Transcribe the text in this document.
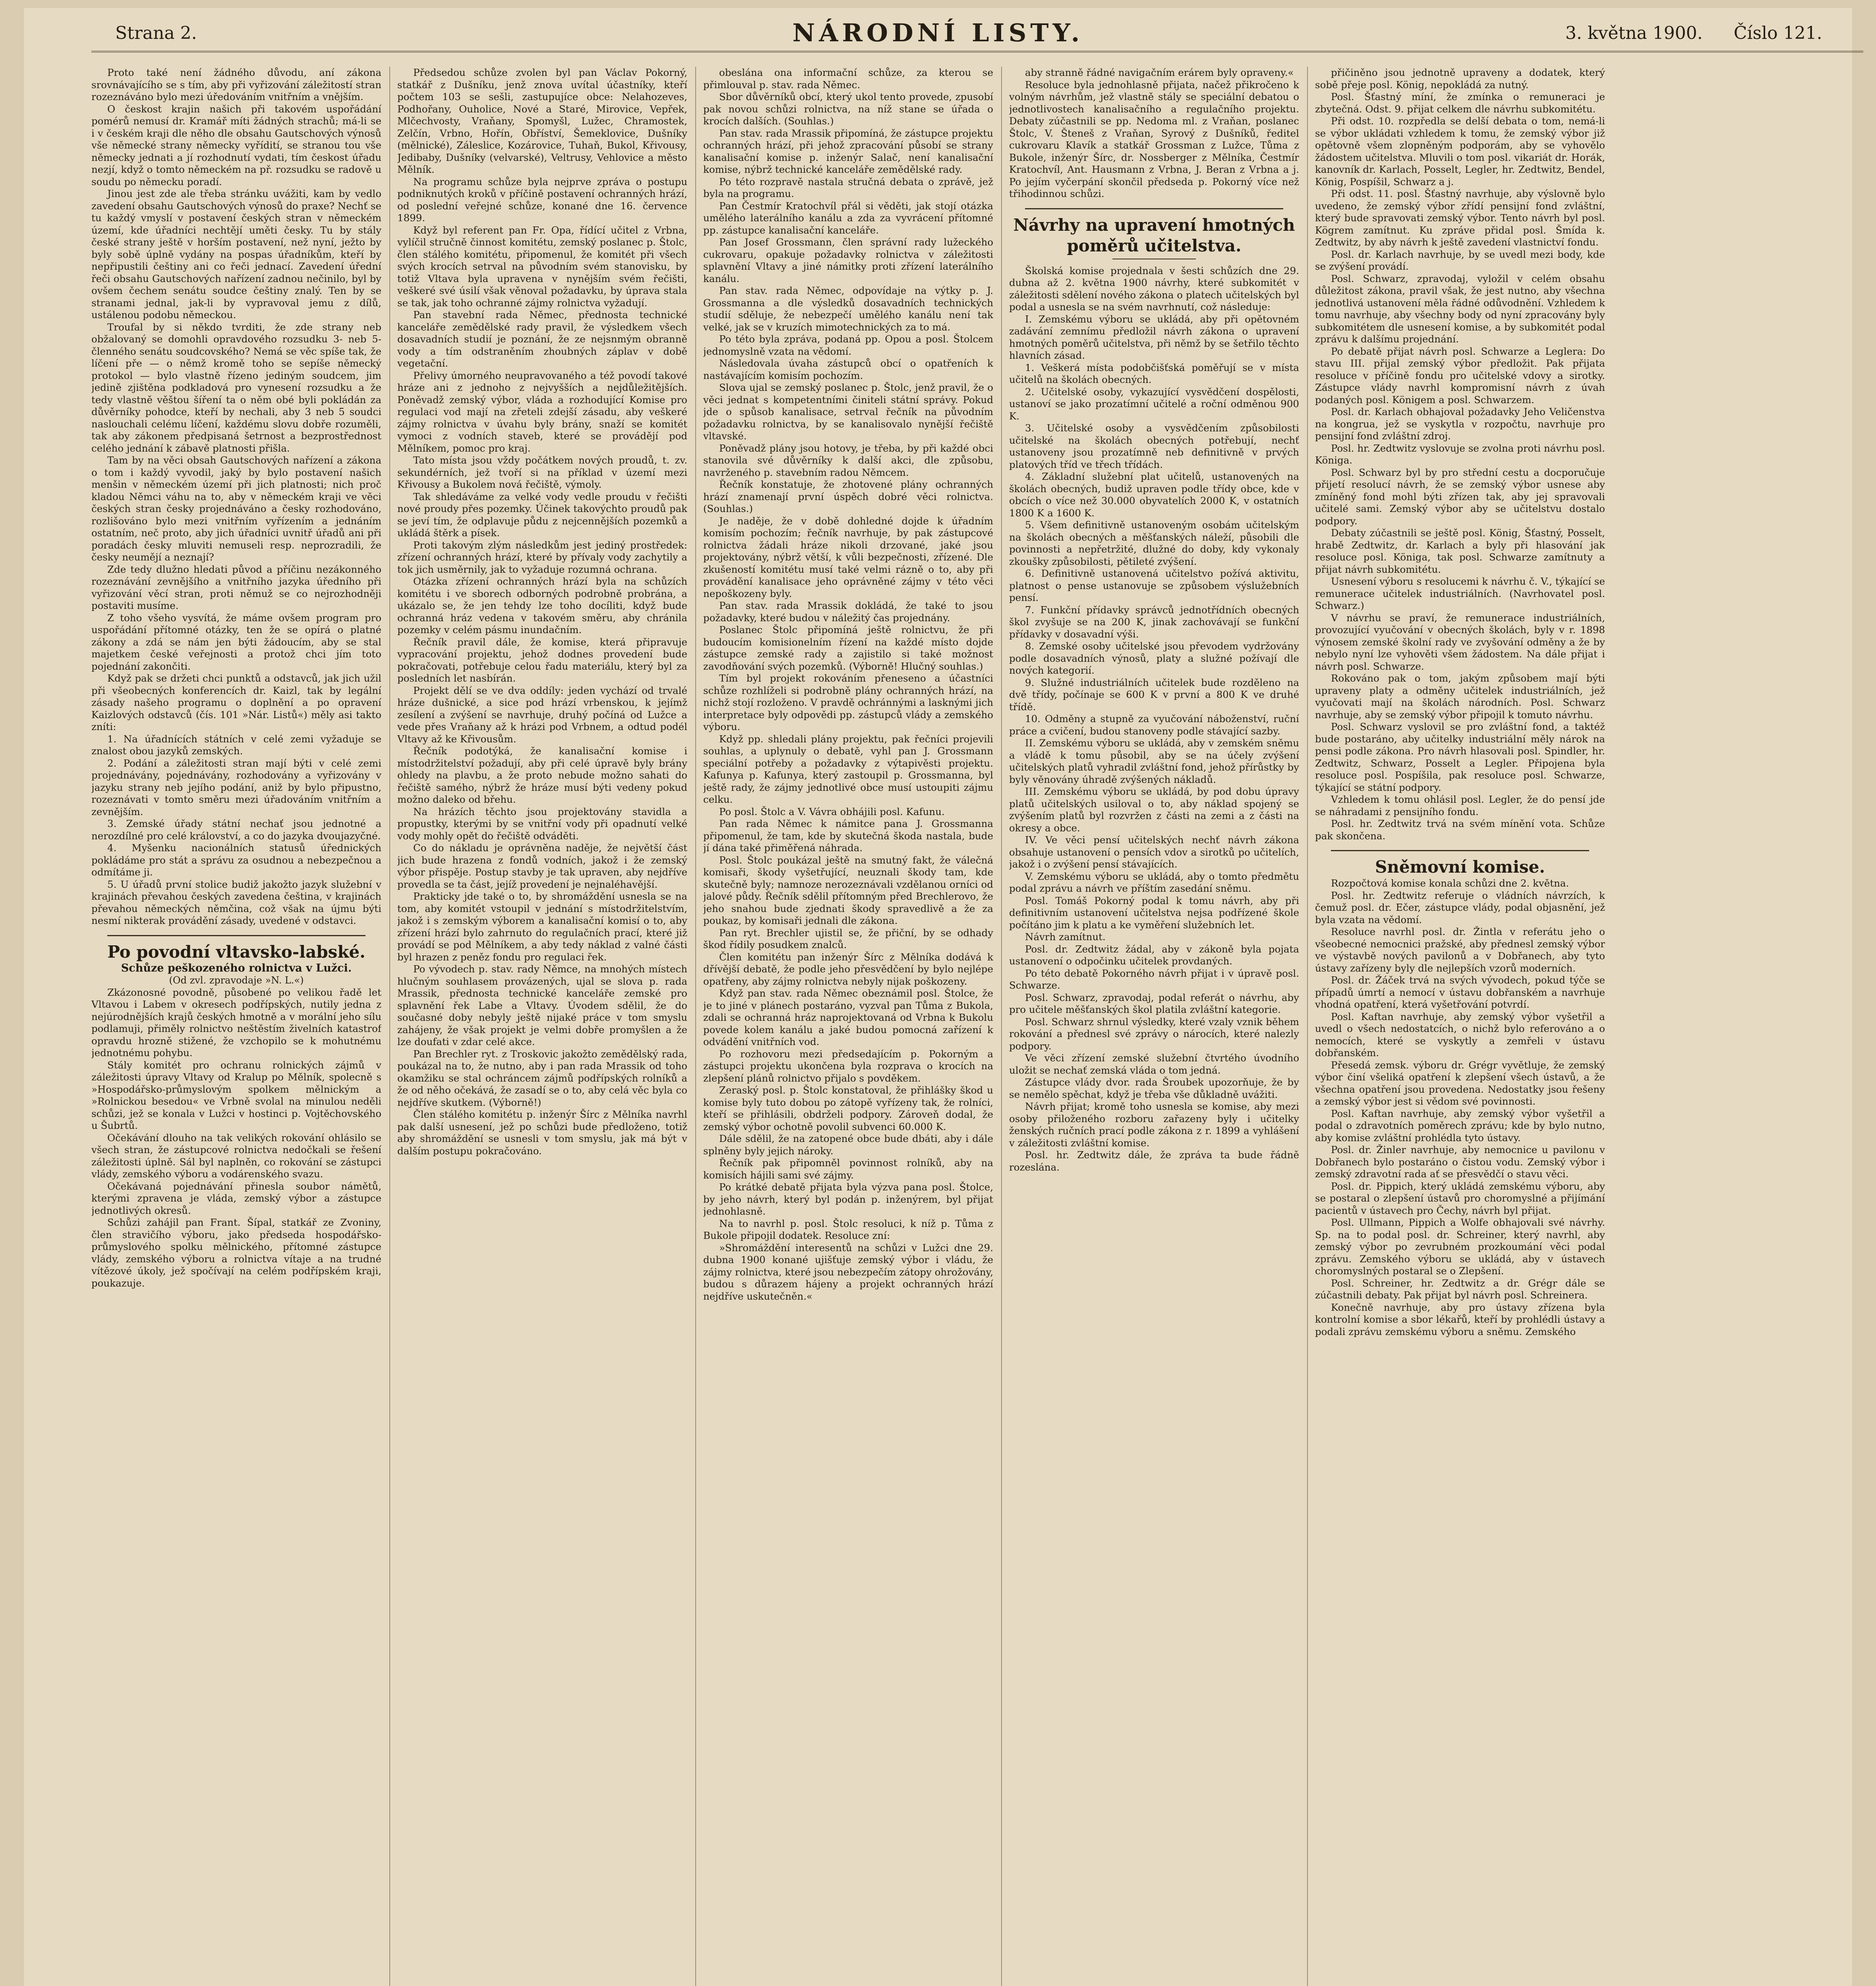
Strana 2.	NÁRODNÍ LISTY.	3. května 1900. Číslo 121.

Proto také není žádného důvodu, aní zákona srovnávajícího se s tím, aby při vyřizování záležitostí stran rozeznáváno bylo mezi úředováním vnitřním a vnějším.

O českost krajin našich při takovém uspořádání pomérů nemusí dr. Kramář míti žádných strachů; má-li se i v českém kraji dle něho dle obsahu Gautschových výnosů vše německé strany německy vyřídití, se stranou tou vše německy jednati a jí rozhodnutí vydati, tím českost úřadu nezjí, když o tomto německém na př. rozsudku se radově u soudu po německu poradí.

Jinou jest zde ale třeba stránku uvážiti, kam by vedlo zavedení obsahu Gautschových výnosů do praxe? Nechť se tu každý vmyslí v postavení českých stran v německém území, kde úřadníci nechtějí uměti česky. Tu by stály české strany ještě v horším postavení, než nyní, ježto by byly sobě úplně vydány na pospas úřadníkům, kteří by nepřipustili češtiny ani co řeči jednací. Zavedení úřední řeči obsahu Gautschových nařízení zadnou nečinilo, byl by ovšem čechem senátu soudce češtiny znalý. Ten by se stranami jednal, jak-li by vypravoval jemu z dílů, ustálenou podobu německou.

Troufal by si někdo tvrditi, že zde strany neb obžalovaný se domohli opravdového rozsudku 3- neb 5-členného senátu soudcovského? Nemá se věc spíše tak, že líčení pře — o němž kromě toho se sepíše německý protokol — bylo vlastně řízeno jediným soudcem, jim jedině zjištěna podkladová pro vynesení rozsudku a že tedy vlastně věštou šíření ta o něm obé byli pokládán za důvěrníky pohodce, kteří by nechali, aby 3 neb 5 soudci naslouchali celému líčení, každému slovu dobře rozuměli, tak aby zákonem předpisaná šetrnost a bezprostřednost celého jednání k zábavě platnosti přišla.

Tam by na věci obsah Gautschových nařízení a zákona o tom i každý vyvodil, jaký by bylo postavení našich menšin v německém území při jich platnosti; nich proč kladou Němci váhu na to, aby v německém kraji ve věci českých stran česky projednáváno a česky rozhodováno, rozlišováno bylo mezi vnitřním vyřízením a jednáním ostatním, neč proto, aby jich úřadníci uvnitř úřadů ani při poradách česky mluviti nemuseli resp. neprozradili, že česky neumějí a neznají?

Zde tedy dlužno hledati původ a příčinu nezákonného rozeznávání zevnějšího a vnitřního jazyka úředního při vyřizování věcí stran, proti němuž se co nejrozhodněji postaviti musíme.

Z toho všeho vysvítá, že máme ovšem program pro uspořádání přítomné otázky, ten že se opírá o platné zákony a zdá se nám jen býti žádoucím, aby se stal majetkem české veřejnosti a protož chci jím toto pojednání zakončiti.

Když pak se držeti chci punktů a odstavců, jak jich užil při všeobecných konferencích dr. Kaizl, tak by legální zásady našeho programu o doplnění a po opravení Kaizlových odstavců (čís. 101 »Nár. Listů«) měly asi takto zníti:

1. Na úřadnících státních v celé zemi vyžaduje se znalost obou jazyků zemských.

2. Podání a záležitosti stran mají býti v celé zemi projednávány, pojednávány, rozhodovány a vyřizovány v jazyku strany neb jejího podání, aniž by bylo připustno, rozeznávati v tomto směru mezi úřadováním vnitřním a zevnějším.

3. Zemské úřady státní nechať jsou jednotné a nerozdílné pro celé království, a co do jazyka dvoujazyčné.

4. Myšenku nacionálních statusů úřednických pokládáme pro stát a správu za osudnou a nebezpečnou a odmítáme ji.

5. U úřadů první stolice budiž jakožto jazyk služební v krajinách převahou českých zavedena čeština, v krajinách převahou německých němčina, což však na újmu býti nesmí nikterak provádění zásady, uvedené v odstavci.

Po povodní vltavsko-labské.

Schůze peškozeného rolnictva v Lužci.

(Od zvl. zpravodaje »N. L.«)

Zkázonosné povodně, působené po velikou řadě let Vltavou i Labem v okresech podřípských, nutily jedna z nejúrodnějších krajů českých hmotně a v morální jeho sílu podlamuji, přiměly rolnictvo neštěstím živelních katastrof opravdu hrozně stižené, že vzchopilo se k mohutnému jednotnému pohybu.

Stály komitét pro ochranu rolnických zájmů v záležitosti úpravy Vltavy od Kralup po Mělník, spolecně s »Hospodářsko-průmyslovým spolkem mělnickým a »Rolnickou besedou« ve Vrbně svolal na minulou neděli schůzi, jež se konala v Lužci v hostinci p. Vojtěchovského u Šubrtů.

Očekávání dlouho na tak velikých rokování ohlásilo se všech stran, že zástupcové rolnictva nedočkali se řešení záležitosti úplně. Sál byl naplněn, co rokování se zástupci vlády, zemského výboru a vodárenského svazu.

Očekávaná pojednávání přinesla soubor námětů, kterými zpravena je vláda, zemský výbor a zástupce jednotlivých okresů.

Schůzi zahájil pan Frant. Šípal, statkář ze Zvoniny, člen stravičího výboru, jako předseda hospodářsko-průmyslového spolku mělnického, přítomné zástupce vlády, zemského výboru a rolnictva vítaje a na trudné vítězové úkoly, jež spočívají na celém podřípském kraji, poukazuje.

Předsedou schůze zvolen byl pan Václav Pokorný, statkář z Dušníku, jenž znova uvítal účastníky, kteří počtem 103 se sešli, zastupujíce obce: Nelahozeves, Podhořany, Ouholice, Nové a Staré, Mirovice, Vepřek, Mlčechvosty, Vraňany, Spomyšl, Lužec, Chramostek, Zelčín, Vrbno, Hořín, Obříství, Šemeklovice, Dušníky (mělnické), Záleslice, Kozárovice, Tuhaň, Bukol, Křivousy, Jedibaby, Dušníky (velvarské), Veltrusy, Vehlovice a město Mělník.

Na programu schůze byla nejprve zpráva o postupu podniknutých kroků v příčině postavení ochranných hrází, od poslední veřejné schůze, konané dne 16. července 1899.

Když byl referent pan Fr. Opa, řídící učitel z Vrbna, vylíčil stručně činnost komitétu, zemský poslanec p. Štolc, člen stálého komitétu, připomenul, že komitét při všech svých krocích setrval na původním svém stanovisku, by totiž Vltava byla upravena v nynějším svém řečišti, veškeré své úsilí však věnoval požadavku, by úprava stala se tak, jak toho ochranné zájmy rolnictva vyžadují.

Pan stavební rada Němec, přednosta technické kanceláře zemědělské rady pravil, že výsledkem všech dosavadních studií je poznání, že ze nejsnmým obranně vody a tím odstraněním zhoubných záplav v době vegetační.

Přelivy úmorného neupravovaného a též povodí takové hráze ani z jednoho z nejvyšších a nejdůležitějších. Poněvadž zemský výbor, vláda a rozhodující Komise pro regulaci vod mají na zřeteli zdejší zásadu, aby veškeré zájmy rolnictva v úvahu byly brány, snaží se komitét vymoci z vodních staveb, které se provádějí pod Mělníkem, pomoc pro kraj.

Tato místa jsou vždy počátkem nových proudů, t. zv. sekundérních, jež tvoří si na příklad v území mezi Křivousy a Bukolem nová řečiště, výmoly.

Tak shledáváme za velké vody vedle proudu v řečišti nové proudy přes pozemky. Účinek takovýchto proudů pak se jeví tím, že odplavuje půdu z nejcennějších pozemků a ukládá štěrk a písek.

Proti takovým zlým následkům jest jediný prostředek: zřízení ochranných hrází, které by přívaly vody zachytily a tok jich usměrnily, jak to vyžaduje rozumná ochrana.

Otázka zřízení ochranných hrází byla na schůzích komitétu i ve sborech odborných podrobně probrána, a ukázalo se, že jen tehdy lze toho docíliti, když bude ochranná hráz vedena v takovém směru, aby chránila pozemky v celém pásmu inundačním.

Řečník pravil dále, že komise, která připravuje vypracování projektu, jehož dodnes provedení bude pokračovati, potřebuje celou řadu materiálu, který byl za posledních let nasbírán.

Projekt dělí se ve dva oddíly: jeden vychází od trvalé hráze dušnické, a sice pod hrází vrbenskou, k jejímž zesílení a zvýšení se navrhuje, druhý počíná od Lužce a vede přes Vraňany až k hrázi pod Vrbnem, a odtud podél Vltavy až ke Křivousům.

Řečník podotýká, že kanalisační komise i místodržitelství požadují, aby při celé úpravě byly brány ohledy na plavbu, a že proto nebude možno sahati do řečiště samého, nýbrž že hráze musí býti vedeny pokud možno daleko od břehu.

Na hrázích těchto jsou projektovány stavidla a propustky, kterými by se vnitřní vody při opadnutí velké vody mohly opět do řečiště odváděti.

Co do nákladu je oprávněna naděje, že největší část jich bude hrazena z fondů vodních, jakož i že zemský výbor přispěje. Postup stavby je tak upraven, aby nejdříve provedla se ta část, jejíž provedení je nejnaléhavější.

Prakticky jde také o to, by shromáždění usnesla se na tom, aby komitét vstoupil v jednání s místodržitelstvím, jakož i s zemským výborem a kanalisační komisí o to, aby zřízení hrází bylo zahrnuto do regulačních prací, které již provádí se pod Mělníkem, a aby tedy náklad z valné části byl hrazen z peněz fondu pro regulaci řek.

Po vývodech p. stav. rady Němce, na mnohých místech hlučným souhlasem provázených, ujal se slova p. rada Mrassik, přednosta technické kanceláře zemské pro splavnění řek Labe a Vltavy. Úvodem sdělil, že do současné doby nebyly ještě nijaké práce v tom smyslu zahájeny, že však projekt je velmi dobře promyšlen a že lze doufati v zdar celé akce.

Pan Brechler ryt. z Troskovic jakožto zemědělský rada, poukázal na to, že nutno, aby i pan rada Mrassik od toho okamžiku se stal ochráncem zájmů podřípských rolníků a že od něho očekává, že zasadí se o to, aby celá věc byla co nejdříve skutkem. (Výborně!)

Člen stálého komitétu p. inženýr Šírc z Mělníka navrhl pak další usnesení, jež po schůzi bude předloženo, totiž aby shromáždění se usnesli v tom smyslu, jak má být v dalším postupu pokračováno.

obeslána ona informační schůze, za kterou se přimlouval p. stav. rada Němec.

Sbor důvěrníků obcí, který ukol tento provede, zpusobí pak novou schůzi rolnictva, na níž stane se úřada o krocích dalších. (Souhlas.)

Pan stav. rada Mrassik připomíná, že zástupce projektu ochranných hrází, při jehož zpracování působí se strany kanalisační komise p. inženýr Salač, není kanalisační komise, nýbrž technické kanceláře zemědělské rady.

Po této rozpravě nastala stručná debata o zprávě, jež byla na programu.

Pan Čestmír Kratochvíl přál si věděti, jak stojí otázka umělého laterálního kanálu a zda za vyvrácení přítomné pp. zástupce kanalisační kanceláře.

Pan Josef Grossmann, člen správní rady lužeckého cukrovaru, opakuje požadavky rolnictva v záležitosti splavnění Vltavy a jiné námitky proti zřízení laterálního kanálu.

Pan stav. rada Němec, odpovídaje na výtky p. J. Grossmanna a dle výsledků dosavadních technických studií sděluje, že nebezpečí umělého kanálu není tak velké, jak se v kruzích mimotechnických za to má.

Po této byla zpráva, podaná pp. Opou a posl. Štolcem jednomyslně vzata na vědomí.

Následovala úvaha zástupců obcí o opatřeních k nastávajícím komisím pochozím.

Slova ujal se zemský poslanec p. Štolc, jenž pravil, že o věci jednat s kompetentními činiteli státní správy. Pokud jde o spůsob kanalisace, setrval řečník na původním požadavku rolnictva, by se kanalisovalo nynější řečiště vltavské.

Poněvadž plány jsou hotovy, je třeba, by při každé obci stanovila své důvěrníky k další akci, dle způsobu, navrženého p. stavebním radou Němcem.

Řečník konstatuje, že zhotovené plány ochranných hrází znamenají první úspěch dobré věci rolnictva. (Souhlas.)

Je naděje, že v době dohledné dojde k úřadním komisím pochozím; řečník navrhuje, by pak zástupcové rolnictva žádali hráze nikoli drzované, jaké jsou projektovány, nýbrž větší, k vůli bezpečnosti, zřízené. Dle zkušeností komitétu musí také velmi rázně o to, aby při provádění kanalisace jeho oprávněné zájmy v této věci nepoškozeny byly.

Pan stav. rada Mrassik dokládá, že také to jsou požadavky, které budou v náležitý čas projednány.

Poslanec Štolc připomíná ještě rolnictvu, že při budoucím komisionelním řízení na každé místo dojde zástupce zemské rady a zajistilo si také možnost zavodňování svých pozemků. (Výborně! Hlučný souhlas.)

Tím byl projekt rokováním přeneseno a účastníci schůze rozhlíželi si podrobně plány ochranných hrází, na nichž stojí rozloženo. V pravdě ochránnými a lasknými jich interpretace byly odpovědi pp. zástupců vlády a zemského výboru.

Když pp. shledali plány projektu, pak řečníci projevili souhlas, a uplynuly o debatě, vyhl pan J. Grossmann speciální potřeby a požadavky z výtapivěsti projektu. Kafunya p. Kafunya, který zastoupil p. Grossmanna, byl ještě rady, že zájmy jednotlivé obce musí ustoupiti zájmu celku.

Po posl. Štolc a V. Vávra obhájili posl. Kafunu.

Pan rada Němec k námitce pana J. Grossmanna připomenul, že tam, kde by skutečná škoda nastala, bude jí dána také přiměřená náhrada.

Posl. Štolc poukázal ještě na smutný fakt, že válečná komisaři, škody vyšetřující, neuznali škody tam, kde skutečně byly; namnoze nerozeznávali vzdělanou orníci od jalové půdy. Řečník sdělil přítomným před Brechlerovo, že jeho snahou bude zjednati škody spravedlivě a že za poukaz, by komisaři jednali dle zákona.

Pan ryt. Brechler ujistil se, že přiční, by se odhady škod řídily posudkem znalců.

Člen komitétu pan inženýr Šírc z Mělníka dodává k dřívější debatě, že podle jeho přesvědčení by bylo nejlépe opatřeny, aby zájmy rolnictva nebyly nijak poškozeny.

Když pan stav. rada Němec obeznámil posl. Štolce, že je to jiné v plánech postaráno, vyzval pan Tůma z Bukola, zdali se ochranná hráz naprojektovaná od Vrbna k Bukolu povede kolem kanálu a jaké budou pomocná zařízení k odvádění vnitřních vod.

Po rozhovoru mezi předsedajícím p. Pokorným a zástupci projektu ukončena byla rozprava o krocích na zlepšení plánů rolnictvo přijalo s povděkem.

Zeraský posl. p. Štolc konstatoval, že přihlášky škod u komise byly tuto dobou po zátopě vyřízeny tak, že rolníci, kteří se přihlásili, obdrželi podpory. Zároveň dodal, že zemský výbor ochotně povolil subvenci 60.000 K.

Dále sdělil, že na zatopené obce bude dbáti, aby i dále splněny byly jejich nároky.

Řečník pak připomněl povinnost rolníků, aby na komisích hájili sami své zájmy.

Po krátké debatě přijata byla výzva pana posl. Štolce, by jeho návrh, který byl podán p. inženýrem, byl přijat jednohlasně.

Na to navrhl p. posl. Štolc resoluci, k níž p. Tůma z Bukole připojil dodatek. Resoluce zní:

»Shromáždění interesentů na schůzi v Lužci dne 29. dubna 1900 konané ujišťuje zemský výbor i vládu, že zájmy rolnictva, které jsou nebezpečím zátopy ohrožovány, budou s důrazem hájeny a projekt ochranných hrází nejdříve uskutečněn.«

aby stranně řádné navigačním erárem byly opraveny.«

Resoluce byla jednohlasně přijata, načež přikročeno k volným návrhům, jež vlastně stály se speciální debatou o jednotlivostech kanalisačního a regulačního projektu. Debaty zúčastnili se pp. Nedoma ml. z Vraňan, poslanec Štolc, V. Šteneš z Vraňan, Syrový z Dušníků, ředitel cukrovaru Klavík a statkář Grossman z Lužce, Tůma z Bukole, inženýr Šírc, dr. Nossberger z Mělníka, Čestmír Kratochvíl, Ant. Hausmann z Vrbna, J. Beran z Vrbna a j. Po jejím vyčerpání skončil předseda p. Pokorný více než třihodinnou schůzi.

Návrhy na upravení hmotných poměrů učitelstva.

Školská komise projednala v šesti schůzích dne 29. dubna až 2. května 1900 návrhy, které subkomitét v záležitosti sdělení nového zákona o platech učitelských byl podal a usnesla se na svém navrhnutí, což následuje:

I. Zemskému výboru se ukládá, aby při opětovném zadávání zemnímu předložil návrh zákona o upravení hmotných poměrů učitelstva, při němž by se šetřilo těchto hlavních zásad.

1. Veškerá místa podobčišťská poměřují se v místa učitelů na školách obecných.

2. Učitelské osoby, vykazující vysvědčení dospělosti, ustanoví se jako prozatímní učitelé a roční odměnou 900 K.

3. Učitelské osoby a vysvědčením způsobilosti učitelské na školách obecných potřebují, nechť ustanoveny jsou prozatímně neb definitivně v prvých platových tříd ve třech třídách.

4. Základní služební plat učitelů, ustanovených na školách obecných, budiž upraven podle třídy obce, kde v obcích o více než 30.000 obyvatelích 2000 K, v ostatních 1800 K a 1600 K.

5. Všem definitivně ustanoveným osobám učitelským na školách obecných a měšťanských náleží, působili dle povinnosti a nepřetržité, dlužné do doby, kdy vykonaly zkoušky způsobilosti, pětileté zvýšení.

6. Definitivně ustanovená učitelstvo požívá aktivitu, platnost o pense ustanovuje se způsobem výslužebních pensí.

7. Funkční přídavky správců jednotřídních obecných škol zvyšuje se na 200 K, jinak zachovávají se funkční přídavky v dosavadní výši.

8. Zemské osoby učitelské jsou převodem vydržovány podle dosavadních výnosů, platy a služné požívají dle nových kategorií.

9. Služné industriálních učitelek bude rozděleno na dvě třídy, počínaje se 600 K v první a 800 K ve druhé třídě.

10. Odměny a stupně za vyučování náboženství, ruční práce a cvičení, budou stanoveny podle stávající sazby.

II. Zemskému výboru se ukládá, aby v zemském sněmu a vládě k tomu působil, aby se na účely zvýšení učitelských platů vyhradil zvláštní fond, jehož přírůstky by byly věnovány úhradě zvýšených nákladů.

III. Zemskému výboru se ukládá, by pod dobu úpravy platů učitelských usiloval o to, aby náklad spojený se zvýšením platů byl rozvržen z části na zemi a z části na okresy a obce.

IV. Ve věci pensí učitelských nechť návrh zákona obsahuje ustanovení o pensích vdov a sirotků po učitelích, jakož i o zvýšení pensí stávajících.

V. Zemskému výboru se ukládá, aby o tomto předmětu podal zprávu a návrh ve příštím zasedání sněmu.

Posl. Tomáš Pokorný podal k tomu návrh, aby při definitivním ustanovení učitelstva nejsa podřízené škole počítáno jim k platu a ke vyměření služebních let.

Návrh zamítnut.

Posl. dr. Zedtwitz žádal, aby v zákoně byla pojata ustanovení o odpočinku učitelek provdaných.

Po této debatě Pokorného návrh přijat i v úpravě posl. Schwarze.

Posl. Schwarz, zpravodaj, podal referát o návrhu, aby pro učitele měšťanských škol platila zvláštní kategorie.

Posl. Schwarz shrnul výsledky, které vzaly vznik během rokování a přednesl své zprávy o nárocích, které nalezly podpory.

Ve věci zřízení zemské služební čtvrtého úvodního uložit se nechať zemská vláda o tom jedná.

Zástupce vlády dvor. rada Šroubek upozorňuje, že by se nemělo spěchat, když je třeba vše důkladně uvážiti.

Návrh přijat; kromě toho usnesla se komise, aby mezi osoby přiloženého rozboru zařazeny byly i učitelky ženských ručních prací podle zákona z r. 1899 a vyhlášení v záležitosti zvláštní komise.

Posl. hr. Zedtwitz dále, že zpráva ta bude řádně rozeslána.

přičiněno jsou jednotně upraveny a dodatek, který sobě přeje posl. König, nepokládá za nutný.

Posl. Šťastný míní, že zmínka o remuneraci je zbytečná. Odst. 9. přijat celkem dle návrhu subkomitétu.

Při odst. 10. rozpředla se delší debata o tom, nemá-li se výbor ukládati vzhledem k tomu, že zemský výbor již opětovně všem zlopněným podporám, aby se vyhovělo žádostem učitelstva. Mluvili o tom posl. vikariát dr. Horák, kanovník dr. Karlach, Posselt, Legler, hr. Zedtwitz, Bendel, König, Pospíšil, Schwarz a j.

Při odst. 11. posl. Šťastný navrhuje, aby výslovně bylo uvedeno, že zemský výbor zřídí pensijní fond zvláštní, který bude spravovati zemský výbor. Tento návrh byl posl. Kögrem zamítnut. Ku zpráve přidal posl. Šmída k. Zedtwitz, by aby návrh k ještě zavedení vlastnictví fondu.

Posl. dr. Karlach navrhuje, by se uvedl mezi body, kde se zvýšení provádí.

Posl. Schwarz, zpravodaj, vyložil v celém obsahu důležitost zákona, pravil však, že jest nutno, aby všechna jednotlivá ustanovení měla řádné odůvodnění. Vzhledem k tomu navrhuje, aby všechny body od nyní zpracovány byly subkomitétem dle usnesení komise, a by subkomitét podal zprávu k dalšímu projednání.

Po debatě přijat návrh posl. Schwarze a Leglera: Do stavu III. přijal zemský výbor předložit. Pak přijata resoluce v příčině fondu pro učitelské vdovy a sirotky. Zástupce vlády navrhl kompromisní návrh z úvah podaných posl. Königem a posl. Schwarzem.

Posl. dr. Karlach obhajoval požadavky Jeho Veličenstva na kongrua, jež se vyskytla v rozpočtu, navrhuje pro pensijní fond zvláštní zdroj.

Posl. hr. Zedtwitz vyslovuje se zvolna proti návrhu posl. Königa.

Posl. Schwarz byl by pro střední cestu a docporučuje přijetí resolucí návrh, že se zemský výbor usnese aby zmíněný fond mohl býti zřízen tak, aby jej spravovali učitelé sami. Zemský výbor aby se učitelstvu dostalo podpory.

Debaty zúčastnili se ještě posl. König, Šťastný, Posselt, hrabě Zedtwitz, dr. Karlach a byly při hlasování jak resoluce posl. Königa, tak posl. Schwarze zamítnuty a přijat návrh subkomitétu.

Usnesení výboru s resolucemi k návrhu č. V., týkající se remunerace učitelek industriálních. (Navrhovatel posl. Schwarz.)

V návrhu se praví, že remunerace industriálních, provozující vyučování v obecných školách, byly v r. 1898 výnosem zemské školní rady ve zvyšování odměny a že by nebylo nyní lze vyhověti všem žádostem. Na dále přijat i návrh posl. Schwarze.

Rokováno pak o tom, jakým způsobem mají býti upraveny platy a odměny učitelek industriálních, jež vyučovati mají na školách národních. Posl. Schwarz navrhuje, aby se zemský výbor připojil k tomuto návrhu.

Posl. Schwarz vyslovil se pro zvláštní fond, a taktéž bude postaráno, aby učitelky industriální měly nárok na pensi podle zákona. Pro návrh hlasovali posl. Spindler, hr. Zedtwitz, Schwarz, Posselt a Legler. Připojena byla resoluce posl. Pospíšila, pak resoluce posl. Schwarze, týkající se státní podpory.

Vzhledem k tomu ohlásil posl. Legler, že do pensí jde se náhradami z pensijního fondu.

Posl. hr. Zedtwitz trvá na svém mínění vota. Schůze pak skončena.

Sněmovní komise.

Rozpočtová komise konala schůzi dne 2. května.

Posl. hr. Zedtwitz referuje o vládních návrzích, k čemuž posl. dr. Ečer, zástupce vlády, podal objasnění, jež byla vzata na vědomí.

Resoluce navrhl posl. dr. Žintla v referátu jeho o všeobecné nemocnici pražské, aby přednesl zemský výbor ve výstavbě nových pavilonů a v Dobřanech, aby tyto ústavy zařízeny byly dle nejlepších vzorů moderních.

Posl. dr. Žáček trvá na svých vývodech, pokud týče se případů úmrtí a nemocí v ústavu dobřanském a navrhuje vhodná opatření, která vyšetřování potvrdí.

Posl. Kaftan navrhuje, aby zemský výbor vyšetřil a uvedl o všech nedostatcích, o nichž bylo referováno a o nemocích, které se vyskytly a zemřeli v ústavu dobřanském.

Přesedá zemsk. výboru dr. Grégr vyvětluje, že zemský výbor činí všeliká opatření k zlepšení všech ústavů, a že všechna opatření jsou provedena. Nedostatky jsou řešeny a zemský výbor jest si vědom své povinnosti.

Posl. Kaftan navrhuje, aby zemský výbor vyšetřil a podal o zdravotních poměrech zprávu; kde by bylo nutno, aby komise zvláštní prohlédla tyto ústavy.

Posl. dr. Žinler navrhuje, aby nemocnice u pavilonu v Dobřanech bylo postaráno o čistou vodu. Zemský výbor i zemský zdravotní rada ať se přesvědčí o stavu věci.

Posl. dr. Pippich, který ukládá zemskému výboru, aby se postaral o zlepšení ústavů pro choromyslné a přijímání pacientů v ústavech pro Čechy, návrh byl přijat.

Posl. Ullmann, Pippich a Wolfe obhajovali své návrhy. Sp. na to podal posl. dr. Schreiner, který navrhl, aby zemský výbor po zevrubném prozkoumání věci podal zprávu. Zemského výboru se ukládá, aby v ústavech choromyslných postaral se o Zlepšení.

Posl. Schreiner, hr. Zedtwitz a dr. Grégr dále se zúčastnili debaty. Pak přijat byl návrh posl. Schreinera.

Konečně navrhuje, aby pro ústavy zřízena byla kontrolní komise a sbor lékařů, kteří by prohlédli ústavy a podali zprávu zemskému výboru a sněmu. Zemského
